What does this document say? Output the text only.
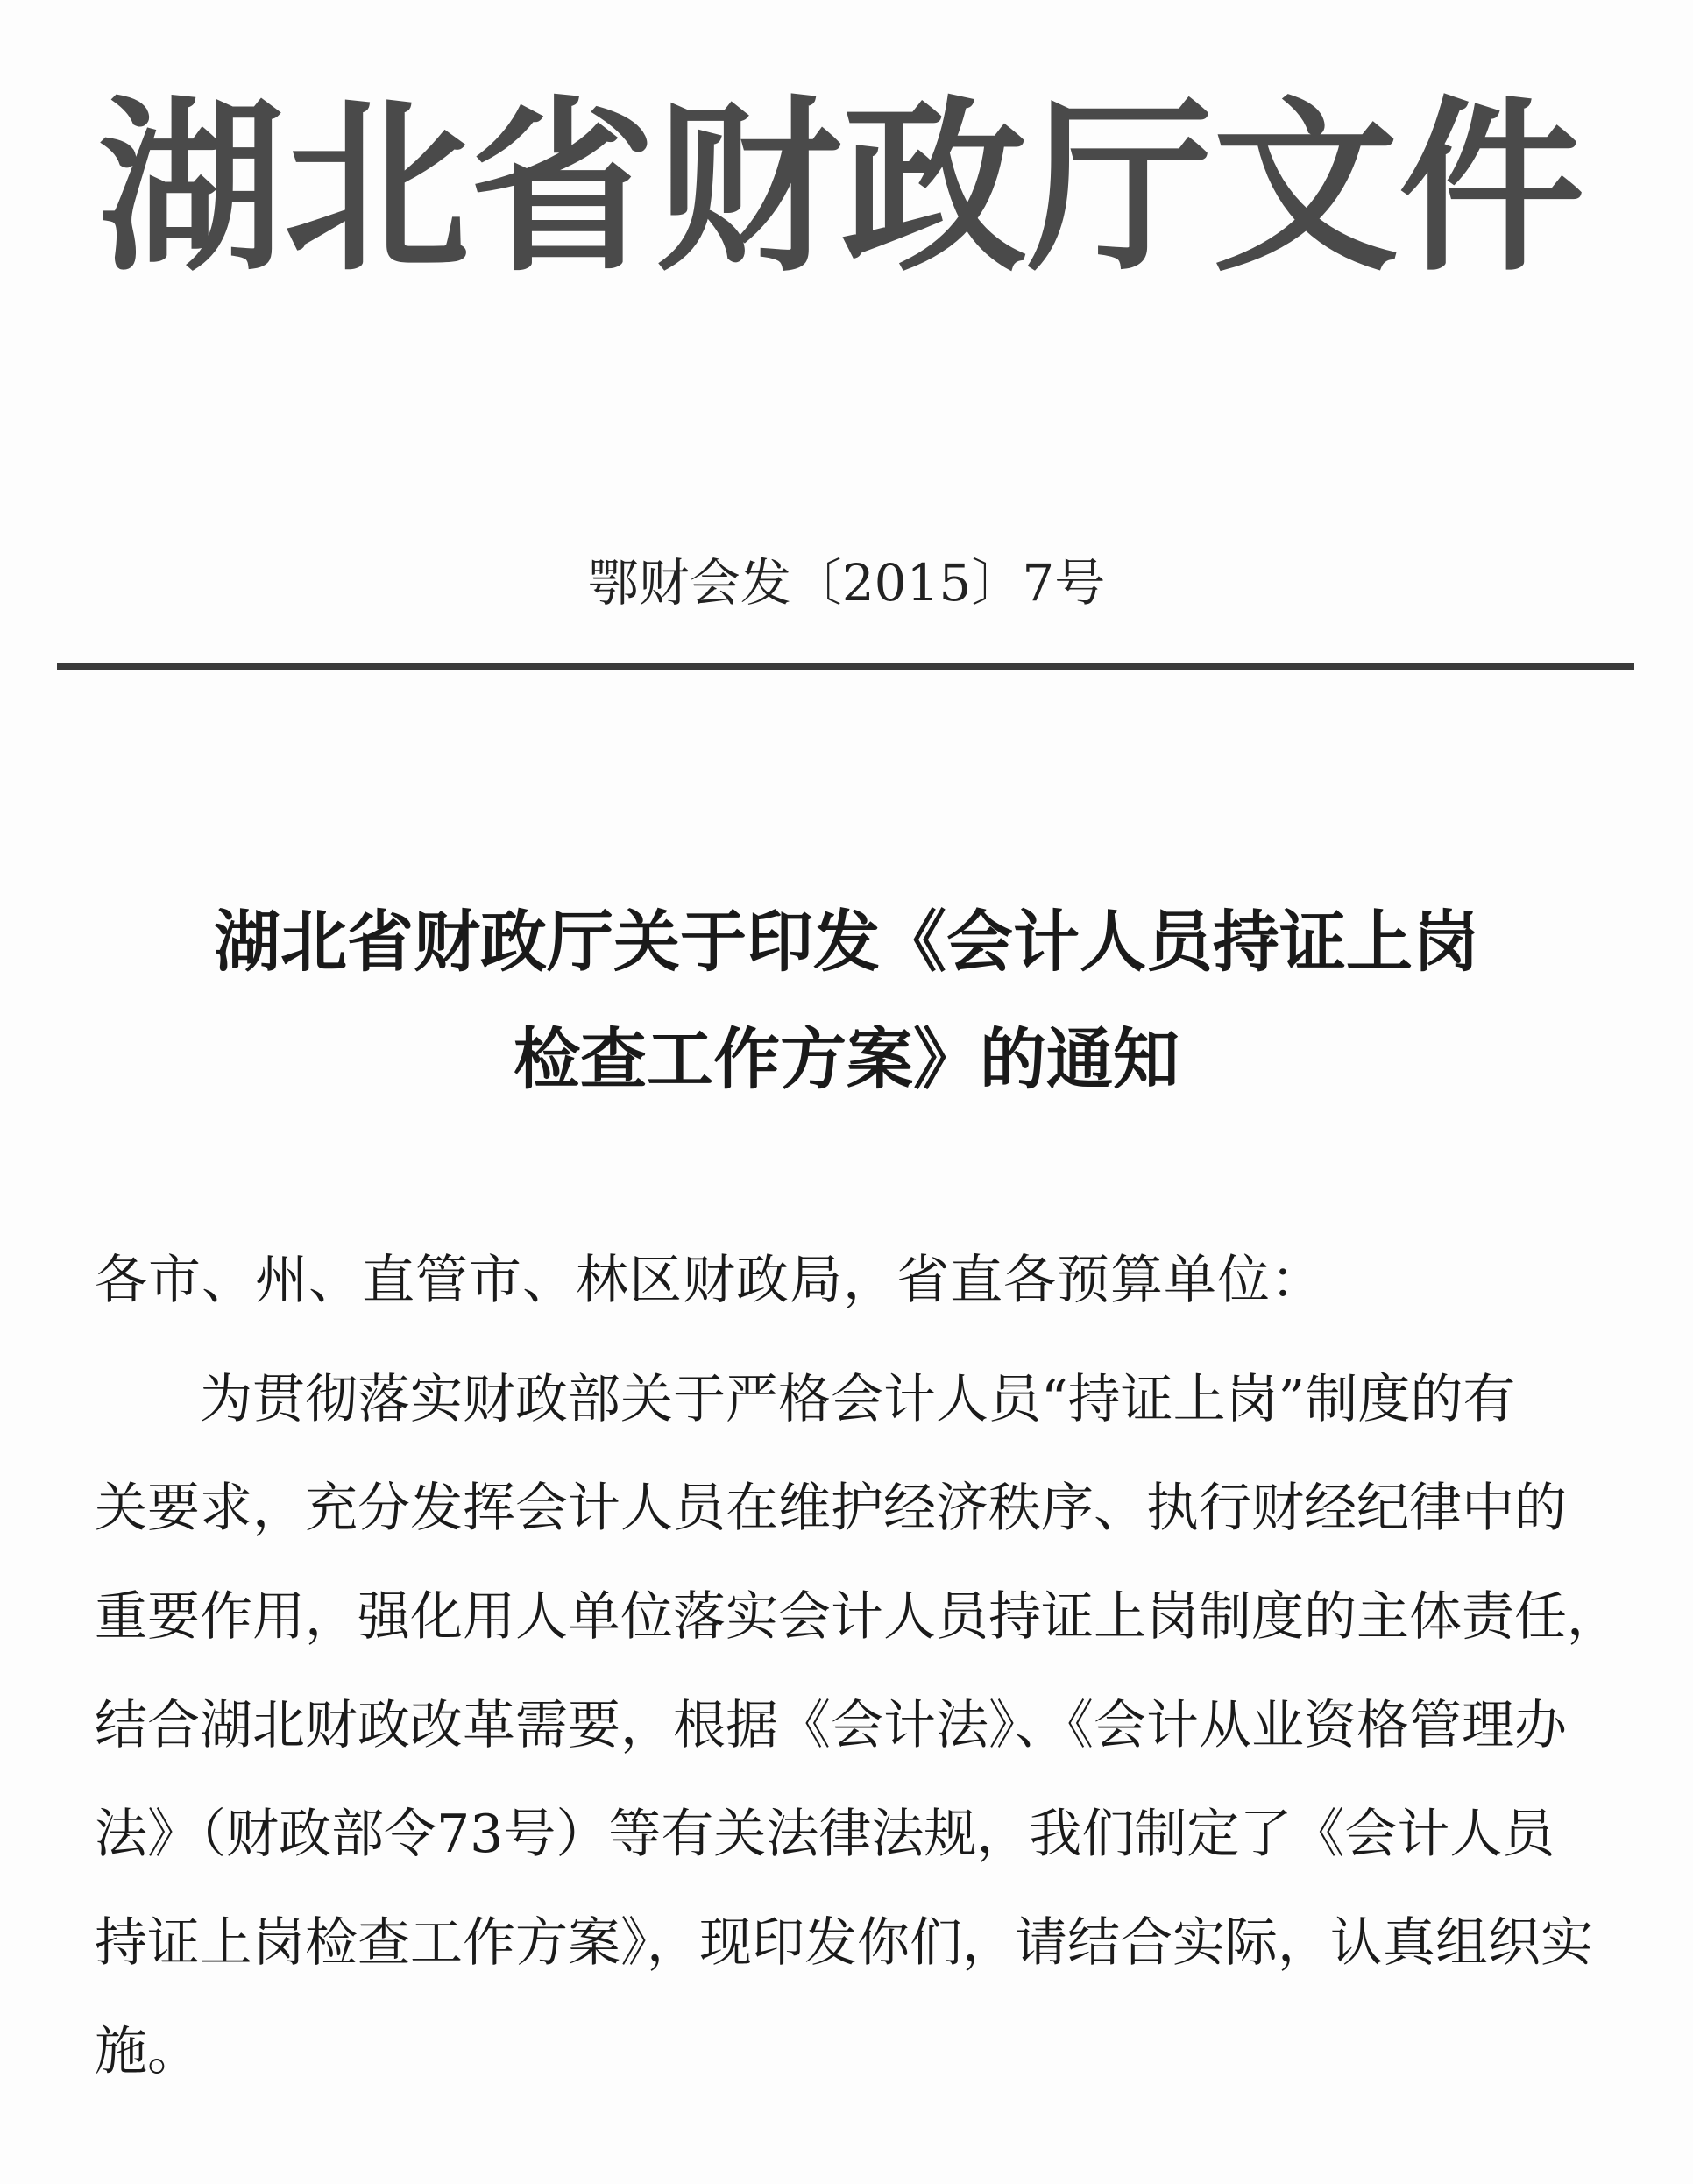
湖北省财政厅文件
鄂财会发〔2015〕7号
湖北省财政厅关于印发《会计人员持证上岗
检查工作方案》的通知
各市、州、直管市、林区财政局，省直各预算单位：
为贯彻落实财政部关于严格会计人员“持证上岗”制度的有
关要求，充分发挥会计人员在维护经济秩序、执行财经纪律中的
重要作用，强化用人单位落实会计人员持证上岗制度的主体责任，
结合湖北财政改革需要，根据《会计法》、《会计从业资格管理办
法》（财政部令73号）等有关法律法规，我们制定了《会计人员
持证上岗检查工作方案》，现印发你们，请结合实际，认真组织实
施。
